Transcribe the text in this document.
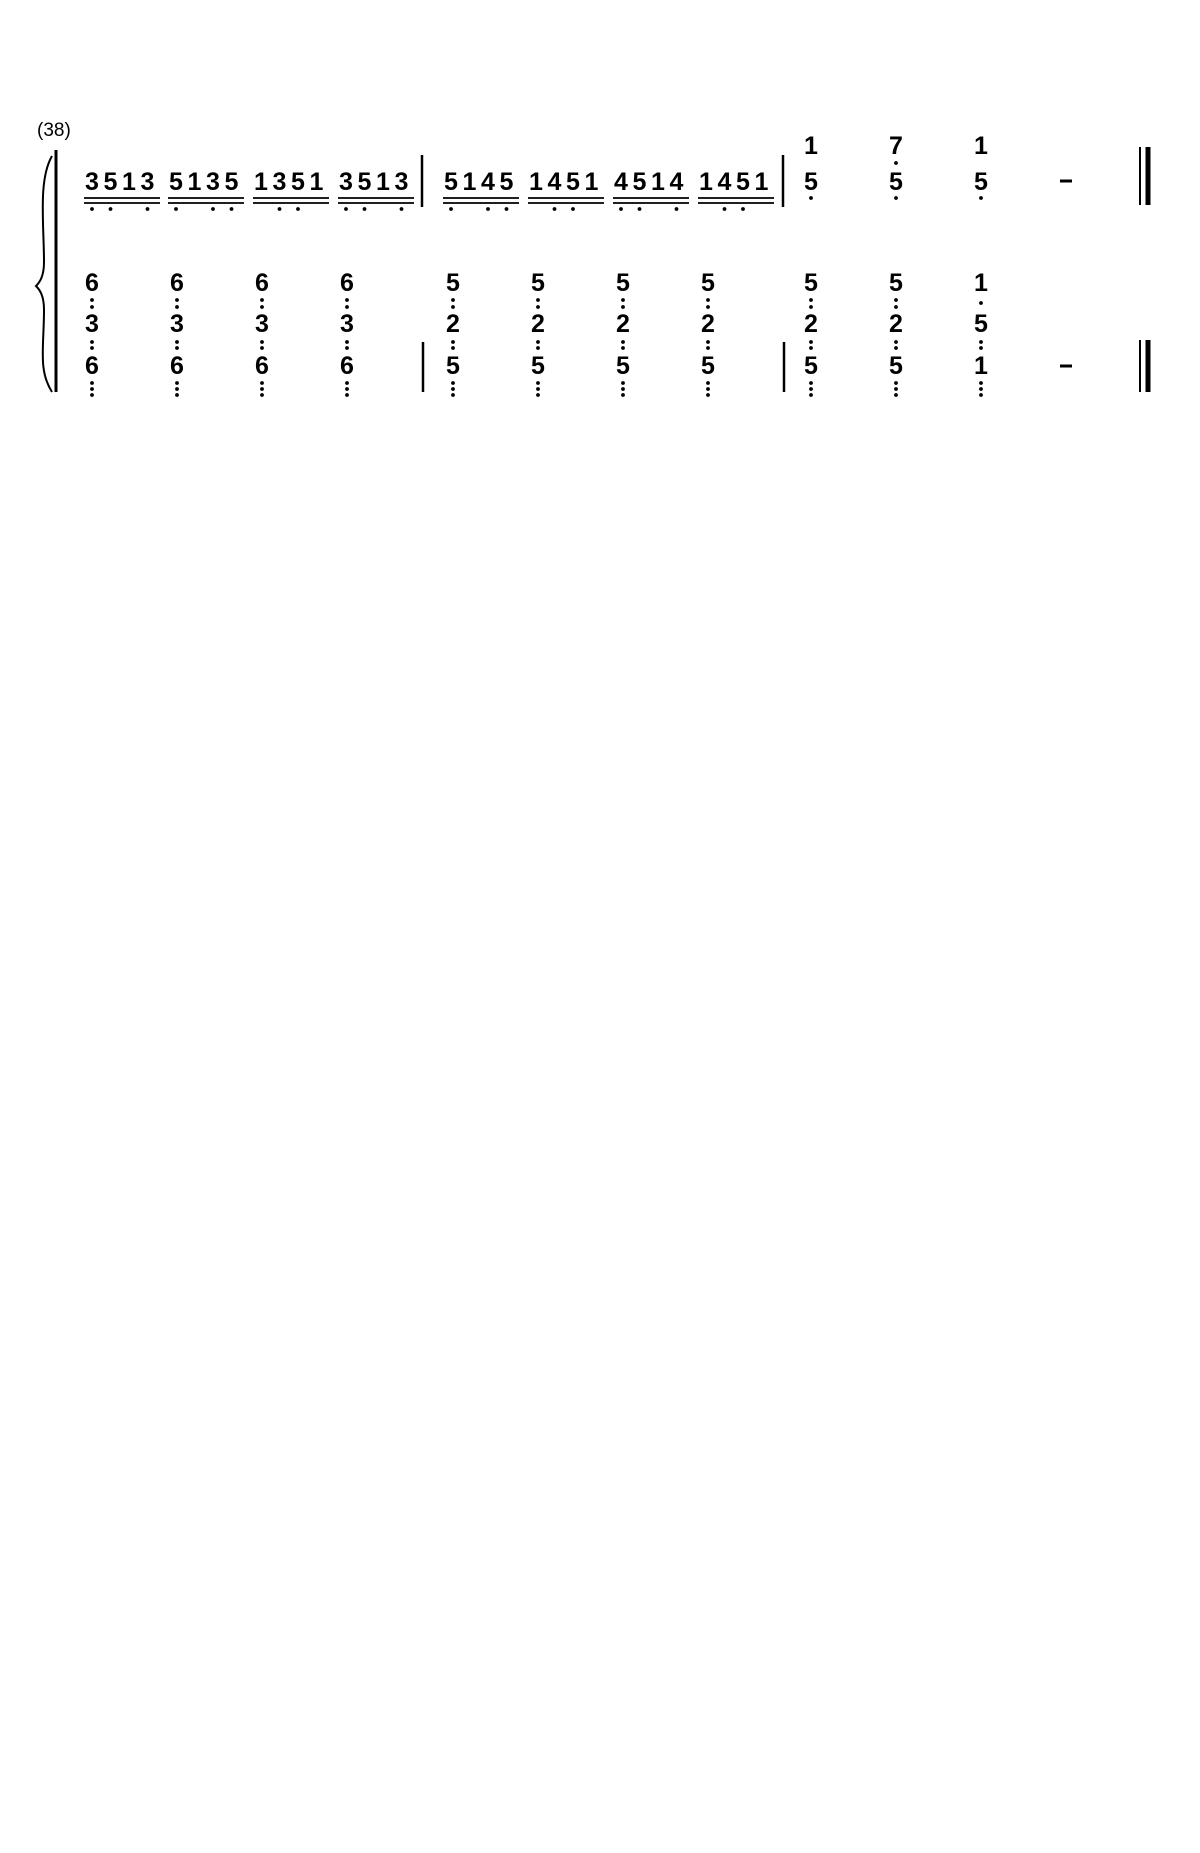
(38)
3 5 1 3 5 1 3 5 1 3 5 1 3 5 1 3 5 1 4 5 1 4 5 1 4 5 1 4 1 4 5 1
1
5
7
5
1
5
6
3
6
6
3
6
6
3
6
6
3
6
5
2
5
5
2
5
5
2
5
5
2
5
5
2
5
5
2
5
1
5
1
